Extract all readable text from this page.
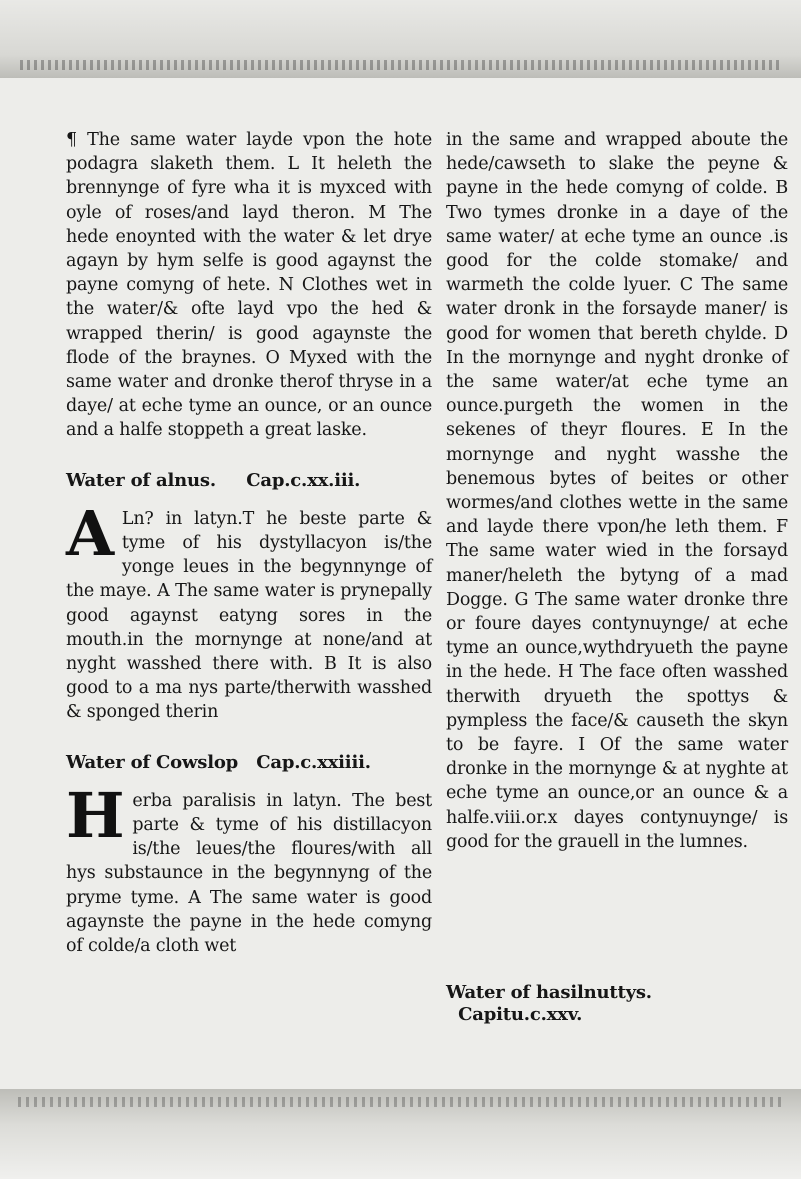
¶ The same water layde vpon the hote podagra slaketh them. L It heleth the brennynge of fyre wha it is myxced with oyle of roses/and layd theron. M The hede enoynted with the water & let drye agayn by hym selfe is good agaynst the payne comyng of hete. N Clothes wet in the water/& ofte layd vpo the hed & wrapped therin/ is good agaynste the flode of the braynes. O Myxed with the same water and dronke therof thryse in a daye/ at eche tyme an ounce, or an ounce and a halfe stoppeth a great laske.

Water of alnus.     Cap.c.xx.iii.

A Ln? in latyn.T he beste parte & tyme of his dystyllacyon is/the yonge leues in the begynnynge of the maye. A The same water is prynepally good agaynst eatyng sores in the mouth.in the mornynge at none/and at nyght wasshed there with. B It is also good to a ma nys parte/therwith wasshed & sponged therin

Water of Cowslop   Cap.c.xxiiii.

Herba paralisis in latyn. The best parte & tyme of his distillacyon is/the leues/the floures/with all hys substaunce in the begynnyng of the pryme tyme. A The same water is good agaynste the payne in the hede comyng of colde/a cloth wet

in the same and wrapped aboute the hede/cawseth to slake the peyne & payne in the hede comyng of colde. B Two tymes dronke in a daye of the same water/ at eche tyme an ounce .is good for the colde stomake/ and warmeth the colde lyuer. C The same water dronk in the forsayde maner/ is good for women that bereth chylde. D In the mornynge and nyght dronke of the same water/at eche tyme an ounce.purgeth the women in the sekenes of theyr floures. E In the mornynge and nyght wasshe the benemous bytes of beites or other wormes/and clothes wette in the same and layde there vpon/he leth them. F The same water wied in the forsayd maner/heleth the bytyng of a mad Dogge. G The same water dronke thre or foure dayes contynuynge/ at eche tyme an ounce,wythdryueth the payne in the hede. H The face often wasshed therwith dryueth the spottys & pympless the face/& causeth the skyn to be fayre. I Of the same water dronke in the mornynge & at nyghte at eche tyme an ounce,or an ounce & a halfe.viii.or.x dayes contynuynge/ is good for the grauell in the lumnes.

Water of hasilnuttys.
Capitu.c.xxv.
